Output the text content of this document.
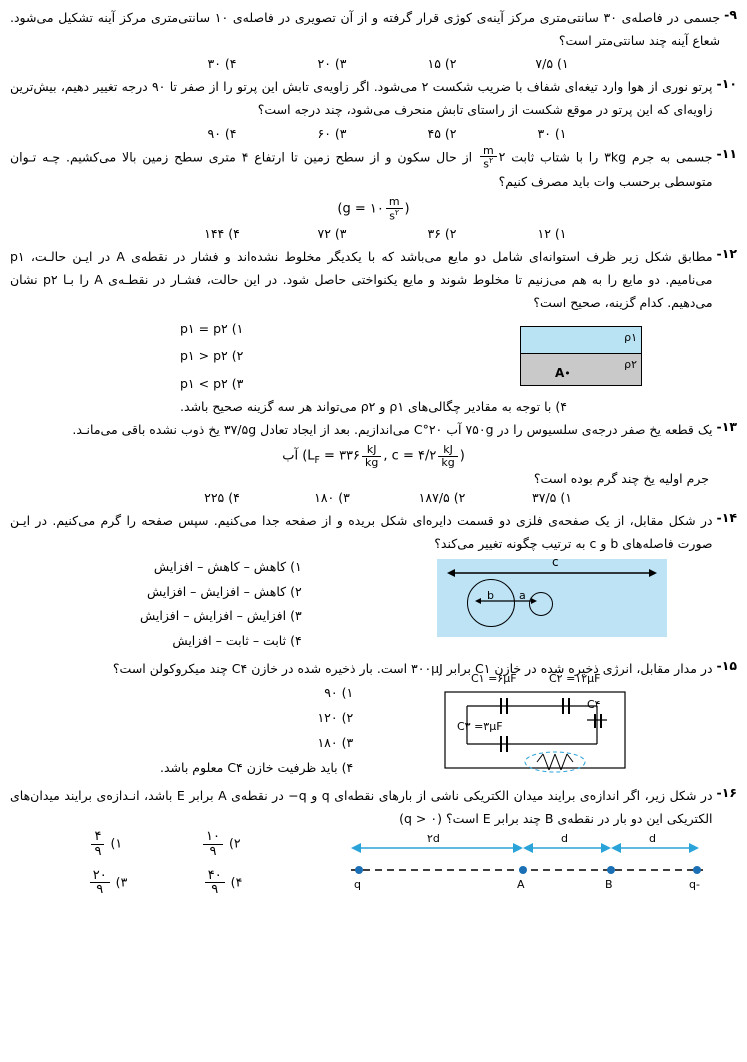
۹-
جسمی در فاصله‌ی ۳۰ سانتی‌متری مرکز آینه‌ی کوژی قرار گرفته و از آن تصویری در فاصله‌ی ۱۰ سانتی‌متری مرکز آینه تشکیل می‌شود. شعاع آینه چند سانتی‌متر است؟
۱) ۷/۵
۲) ۱۵
۳) ۲۰
۴) ۳۰
۱۰-
پرتو نوری از هوا وارد تیغه‌ای شفاف با ضریب شکست ۲ می‌شود. اگر زاویه‌ی تابش این پرتو را از صفر تا ۹۰ درجه تغییر دهیم، بیش‌ترین زاویه‌ای که این پرتو در موقع شکست از راستای تابش منحرف می‌شود، چند درجه است؟
۱) ۳۰
۲) ۴۵
۳) ۶۰
۴) ۹۰
۱۱-
جسمی به جرم ۳kg را با شتاب ثابت ۲
$\frac{m}{s^۲}$
از حال سکون و از سطح زمین تا ارتفاع ۴ متری سطح زمین بالا می‌کشیم. چـه تـوان متوسطی برحسب وات باید مصرف کنیم؟
(g = ۱۰ $\frac{m}{s^۲}$ )
۱) ۱۲
۲) ۳۶
۳) ۷۲
۴) ۱۴۴
۱۲-
مطابق شکل زیر ظرف استوانه‌ای شامل دو مایع می‌باشد که با یکدیگر مخلوط نشده‌اند و فشار در نقطه‌ی A در ایـن حالـت، p۱ می‌نامیم. دو مایع را به هم می‌زنیم تا مخلوط شوند و مایع یکنواختی حاصل شود. در این حالت، فشـار در نقطـه‌ی A را بـا p۲ نشان می‌دهیم. کدام گزینه، صحیح است؟
ρ۱
ρ۲
•A
۱) p۱ = p۲
۲) p۱ > p۲
۳) p۱ < p۲
۴) با توجه به مقادیر چگالی‌های ρ۱ و ρ۲ می‌تواند هر سه گزینه صحیح باشد.
۱۳-
یک قطعه یخ صفر درجه‌ی سلسیوس را در ۷۵۰g آب ۲۰°C می‌اندازیم. بعد از ایجاد تعادل ۳۷/۵g یخ ذوب نشده باقی می‌مانـد.
($L_F$ = ۳۳۶ $\frac{kJ}{kg}$ , c = ۴/۲ $\frac{kJ}{kg}$ ) آب
جرم اولیه یخ چند گرم بوده است؟
۱) ۳۷/۵
۲) ۱۸۷/۵
۳) ۱۸۰
۴) ۲۲۵
۱۴-
در شکل مقابل، از یک صفحه‌ی فلزی دو قسمت دایره‌ای شکل بریده و از صفحه جدا می‌کنیم. سپس صفحه را گرم می‌کنیم. در ایـن صورت فاصله‌هاى b و c به ترتیب چگونه تغییر می‌کند؟
c
b a
۱) کاهش – کاهش – افزایش
۲) کاهش – افزایش – افزایش
۳) افزایش – افزایش – افزایش
۴) ثابت – ثابت – افزایش
۱۵-
در مدار مقابل، انرژی ذخیره شده در خازن C۱ برابر ۳۰۰μJ است. بار ذخیره شده در خازن C۴ چند میکروکولن است؟
C۱ =۶μF	C۲ =۱۲μF
C۳ =۳μF
C۴
۱) ۹۰
۲) ۱۲۰
۳) ۱۸۰
۴) باید ظرفیت خازن C۴ معلوم باشد.
۱۶-
در شکل زیر، اگر اندازه‌ی برایند میدان الکتریکی ناشی از بارهای نقطه‌ای q و q− در نقطه‌ی A برابر E باشد، انـدازه‌ی برایند میدان‌های الکتریکی این دو بار در نقطه‌ی B چند برابر E است؟ (q > ۰)
۲d	d	d
q	A	B	-q
۲)
$\frac{۱۰}{۹}$
۱)
$\frac{۴}{۹}$
۴)
$\frac{۴۰}{۹}$
۳)
$\frac{۲۰}{۹}$
